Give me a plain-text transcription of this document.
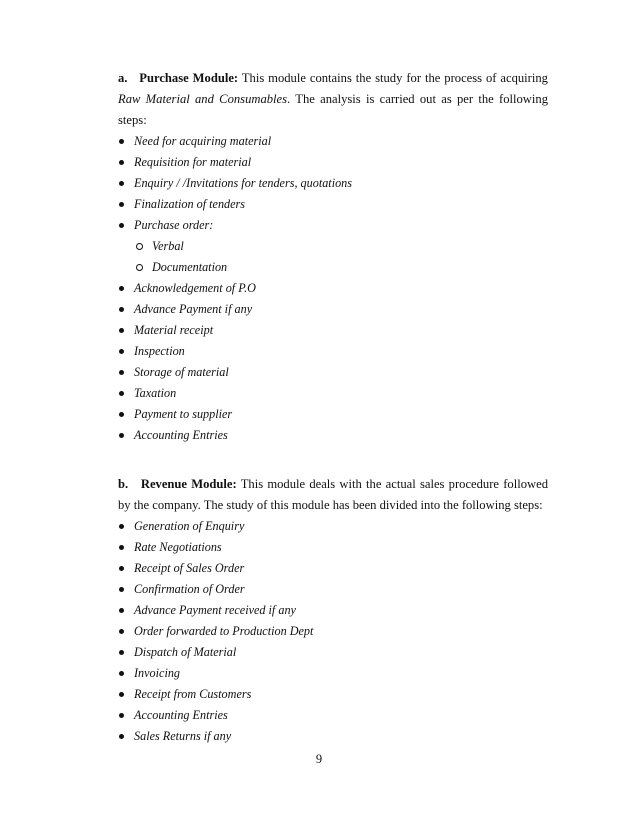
a. Purchase Module: This module contains the study for the process of acquiring Raw Material and Consumables. The analysis is carried out as per the following steps:

Need for acquiring material
Requisition for material
Enquiry / /Invitations for tenders, quotations
Finalization of tenders
Purchase order:
Verbal
Documentation
Acknowledgement of P.O
Advance Payment if any
Material receipt
Inspection
Storage of material
Taxation
Payment to supplier
Accounting Entries

b. Revenue Module: This module deals with the actual sales procedure followed by the company. The study of this module has been divided into the following steps:

Generation of Enquiry
Rate Negotiations
Receipt of Sales Order
Confirmation of Order
Advance Payment received if any
Order forwarded to Production Dept
Dispatch of Material
Invoicing
Receipt from Customers
Accounting Entries
Sales Returns if any
9
